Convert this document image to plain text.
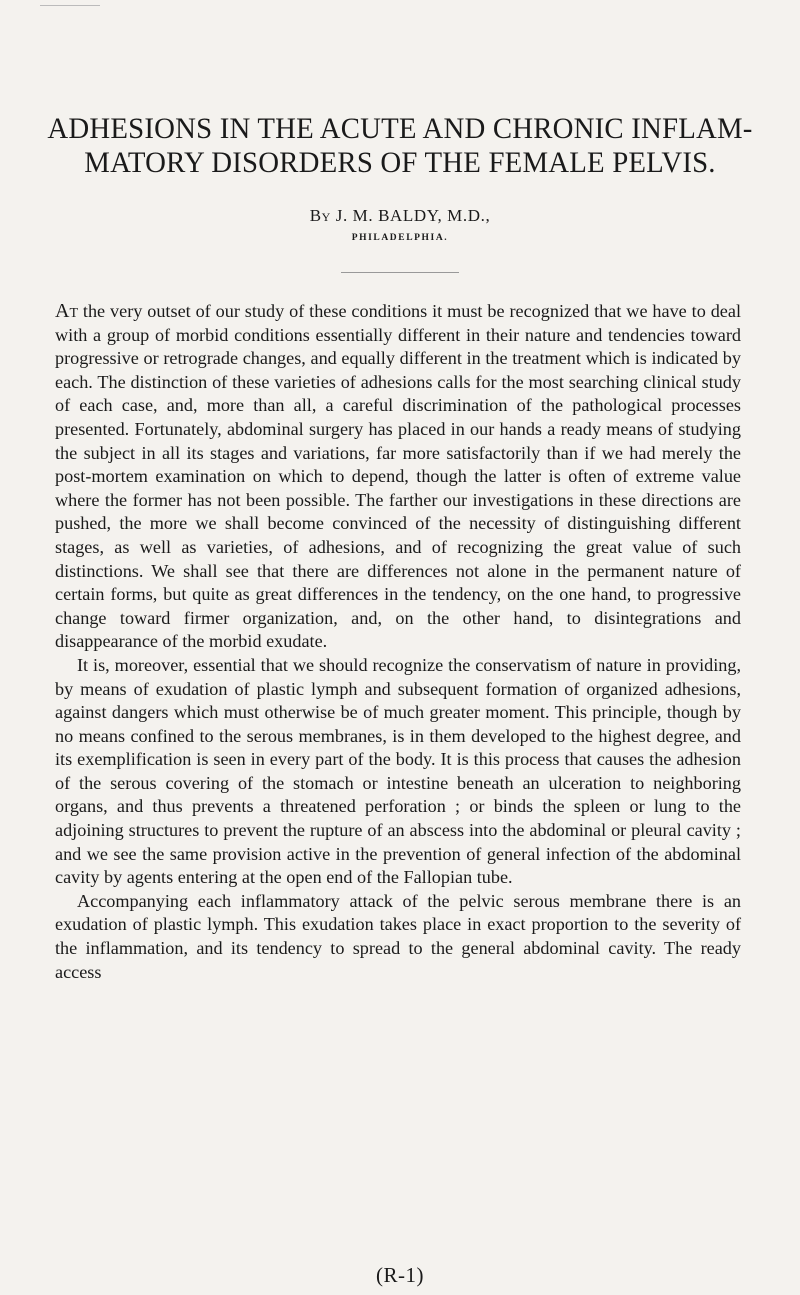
ADHESIONS IN THE ACUTE AND CHRONIC INFLAM-
MATORY DISORDERS OF THE FEMALE PELVIS.
By J. M. BALDY, M.D.,
PHILADELPHIA.

At the very outset of our study of these conditions it must be recognized that we have to deal with a group of morbid conditions essentially different in their nature and tendencies toward progressive or retrograde changes, and equally different in the treatment which is indicated by each. The distinction of these varieties of adhesions calls for the most searching clinical study of each case, and, more than all, a careful discrimination of the pathological processes presented. Fortunately, abdominal surgery has placed in our hands a ready means of studying the subject in all its stages and variations, far more satisfactorily than if we had merely the post-mortem examination on which to depend, though the latter is often of extreme value where the former has not been possible. The farther our investigations in these directions are pushed, the more we shall become convinced of the necessity of distinguishing different stages, as well as varieties, of adhesions, and of recognizing the great value of such distinctions. We shall see that there are differences not alone in the permanent nature of certain forms, but quite as great differences in the tendency, on the one hand, to progressive change toward firmer organization, and, on the other hand, to disintegrations and disappearance of the morbid exudate.

It is, moreover, essential that we should recognize the conservatism of nature in providing, by means of exudation of plastic lymph and subsequent formation of organized adhesions, against dangers which must otherwise be of much greater moment. This principle, though by no means confined to the serous membranes, is in them developed to the highest degree, and its exemplification is seen in every part of the body. It is this process that causes the adhesion of the serous covering of the stomach or intestine beneath an ulceration to neighboring organs, and thus prevents a threatened perforation ; or binds the spleen or lung to the adjoining structures to prevent the rupture of an abscess into the abdominal or pleural cavity ; and we see the same provision active in the prevention of general infection of the abdominal cavity by agents entering at the open end of the Fallopian tube.

Accompanying each inflammatory attack of the pelvic serous membrane there is an exudation of plastic lymph. This exudation takes place in exact proportion to the severity of the inflammation, and its tendency to spread to the general abdominal cavity. The ready access

(R-1)
